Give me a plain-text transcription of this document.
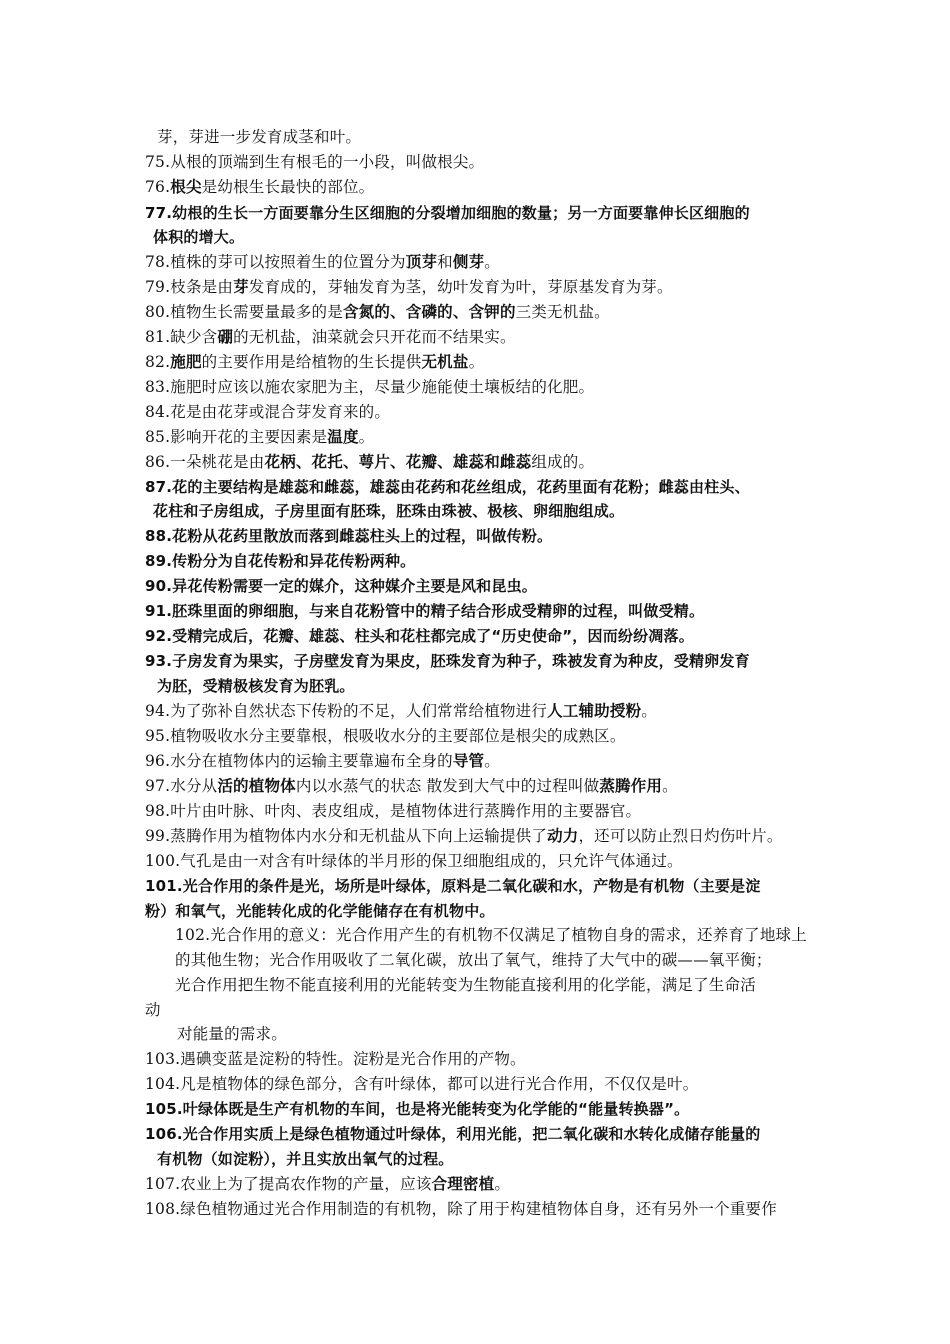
芽，芽进一步发育成茎和叶。
75.从根的顶端到生有根毛的一小段，叫做根尖。
76.根尖是幼根生长最快的部位。
77.幼根的生长一方面要靠分生区细胞的分裂增加细胞的数量；另一方面要靠伸长区细胞的
体积的增大。
78.植株的芽可以按照着生的位置分为顶芽和侧芽。
79.枝条是由芽发育成的，芽轴发育为茎，幼叶发育为叶，芽原基发育为芽。
80.植物生长需要量最多的是含氮的、含磷的、含钾的三类无机盐。
81.缺少含硼的无机盐，油菜就会只开花而不结果实。
82.施肥的主要作用是给植物的生长提供无机盐。
83.施肥时应该以施农家肥为主，尽量少施能使土壤板结的化肥。
84.花是由花芽或混合芽发育来的。
85.影响开花的主要因素是温度。
86.一朵桃花是由花柄、花托、萼片、花瓣、雄蕊和雌蕊组成的。
87.花的主要结构是雄蕊和雌蕊，雄蕊由花药和花丝组成，花药里面有花粉；雌蕊由柱头、
花柱和子房组成，子房里面有胚珠，胚珠由珠被、极核、卵细胞组成。
88.花粉从花药里散放而落到雌蕊柱头上的过程，叫做传粉。
89.传粉分为自花传粉和异花传粉两种。
90.异花传粉需要一定的媒介，这种媒介主要是风和昆虫。
91.胚珠里面的卵细胞，与来自花粉管中的精子结合形成受精卵的过程，叫做受精。
92.受精完成后，花瓣、雄蕊、柱头和花柱都完成了“历史使命”，因而纷纷凋落。
93.子房发育为果实，子房壁发育为果皮，胚珠发育为种子，珠被发育为种皮，受精卵发育
为胚，受精极核发育为胚乳。
94.为了弥补自然状态下传粉的不足，人们常常给植物进行人工辅助授粉。
95.植物吸收水分主要靠根，根吸收水分的主要部位是根尖的成熟区。
96.水分在植物体内的运输主要靠遍布全身的导管。
97.水分从活的植物体内以水蒸气的状态 散发到大气中的过程叫做蒸腾作用。
98.叶片由叶脉、叶肉、表皮组成，是植物体进行蒸腾作用的主要器官。
99.蒸腾作用为植物体内水分和无机盐从下向上运输提供了动力，还可以防止烈日灼伤叶片。
100.气孔是由一对含有叶绿体的半月形的保卫细胞组成的，只允许气体通过。
101.光合作用的条件是光，场所是叶绿体，原料是二氧化碳和水，产物是有机物（主要是淀
粉）和氧气，光能转化成的化学能储存在有机物中。
102.光合作用的意义：光合作用产生的有机物不仅满足了植物自身的需求，还养育了地球上
的其他生物；光合作用吸收了二氧化碳，放出了氧气，维持了大气中的碳——氧平衡；
光合作用把生物不能直接利用的光能转变为生物能直接利用的化学能，满足了生命活
动
对能量的需求。
103.遇碘变蓝是淀粉的特性。淀粉是光合作用的产物。
104.凡是植物体的绿色部分，含有叶绿体，都可以进行光合作用，不仅仅是叶。
105.叶绿体既是生产有机物的车间，也是将光能转变为化学能的“能量转换器”。
106.光合作用实质上是绿色植物通过叶绿体，利用光能，把二氧化碳和水转化成储存能量的
有机物（如淀粉），并且实放出氧气的过程。
107.农业上为了提高农作物的产量，应该合理密植。
108.绿色植物通过光合作用制造的有机物，除了用于构建植物体自身，还有另外一个重要作
